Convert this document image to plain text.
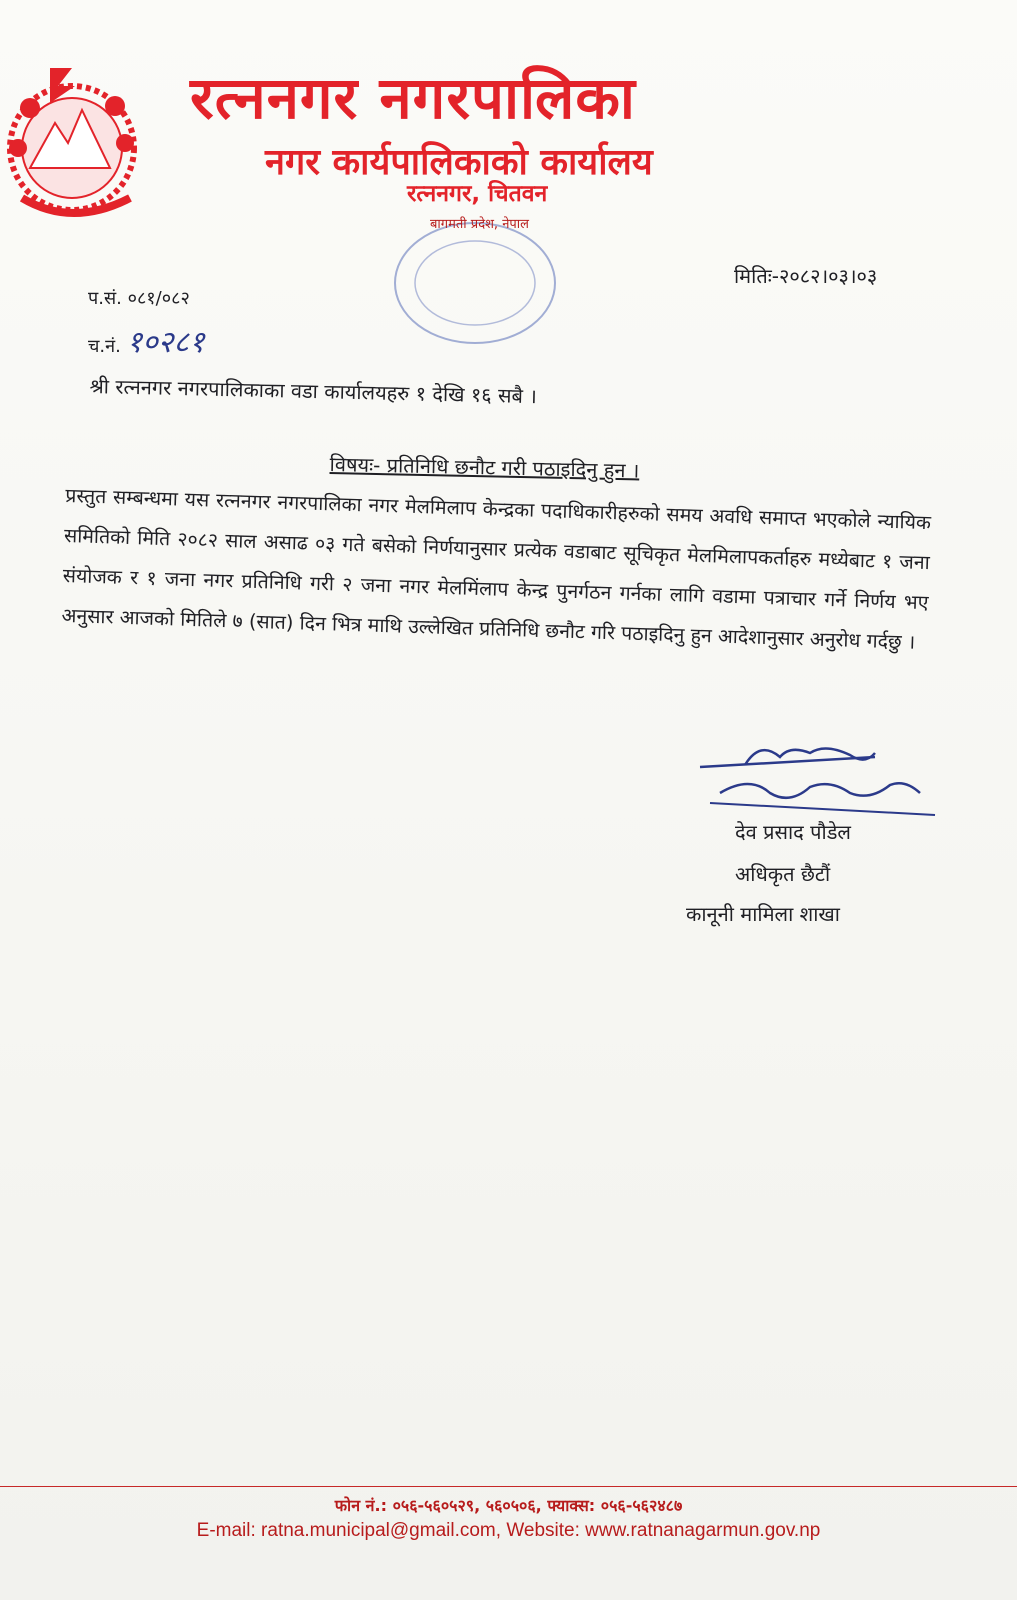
रत्ननगर नगरपालिका
नगर कार्यपालिकाको कार्यालय
रत्ननगर, चितवन
बागमती प्रदेश, नेपाल
मितिः-२०८२।०३।०३
प.सं. ०८१/०८२
च.नं. १०२८१
श्री रत्ननगर नगरपालिकाका वडा कार्यालयहरु १ देखि १६ सबै ।
विषयः- प्रतिनिधि छनौट गरी पठाइदिनु हुन ।
प्रस्तुत सम्बन्धमा यस रत्ननगर नगरपालिका नगर मेलमिलाप केन्द्रका पदाधिकारीहरुको समय अवधि समाप्त भएकोले न्यायिक समितिको मिति २०८२ साल असाढ ०३ गते बसेको निर्णयानुसार प्रत्येक वडाबाट सूचिकृत मेलमिलापकर्ताहरु मध्येबाट १ जना संयोजक र १ जना नगर प्रतिनिधि गरी २ जना नगर मेलमिंलाप केन्द्र पुनर्गठन गर्नका लागि वडामा पत्राचार गर्ने निर्णय भए अनुसार आजको मितिले ७ (सात) दिन भित्र माथि उल्लेखित प्रतिनिधि छनौट गरि पठाइदिनु हुन आदेशानुसार अनुरोध गर्दछु ।
देव प्रसाद पौडेल
अधिकृत छैटौं
कानूनी मामिला शाखा
फोन नं.: ०५६-५६०५२९, ५६०५०६, फ्याक्स: ०५६-५६२४८७
E-mail: ratna.municipal@gmail.com, Website: www.ratnanagarmun.gov.np
